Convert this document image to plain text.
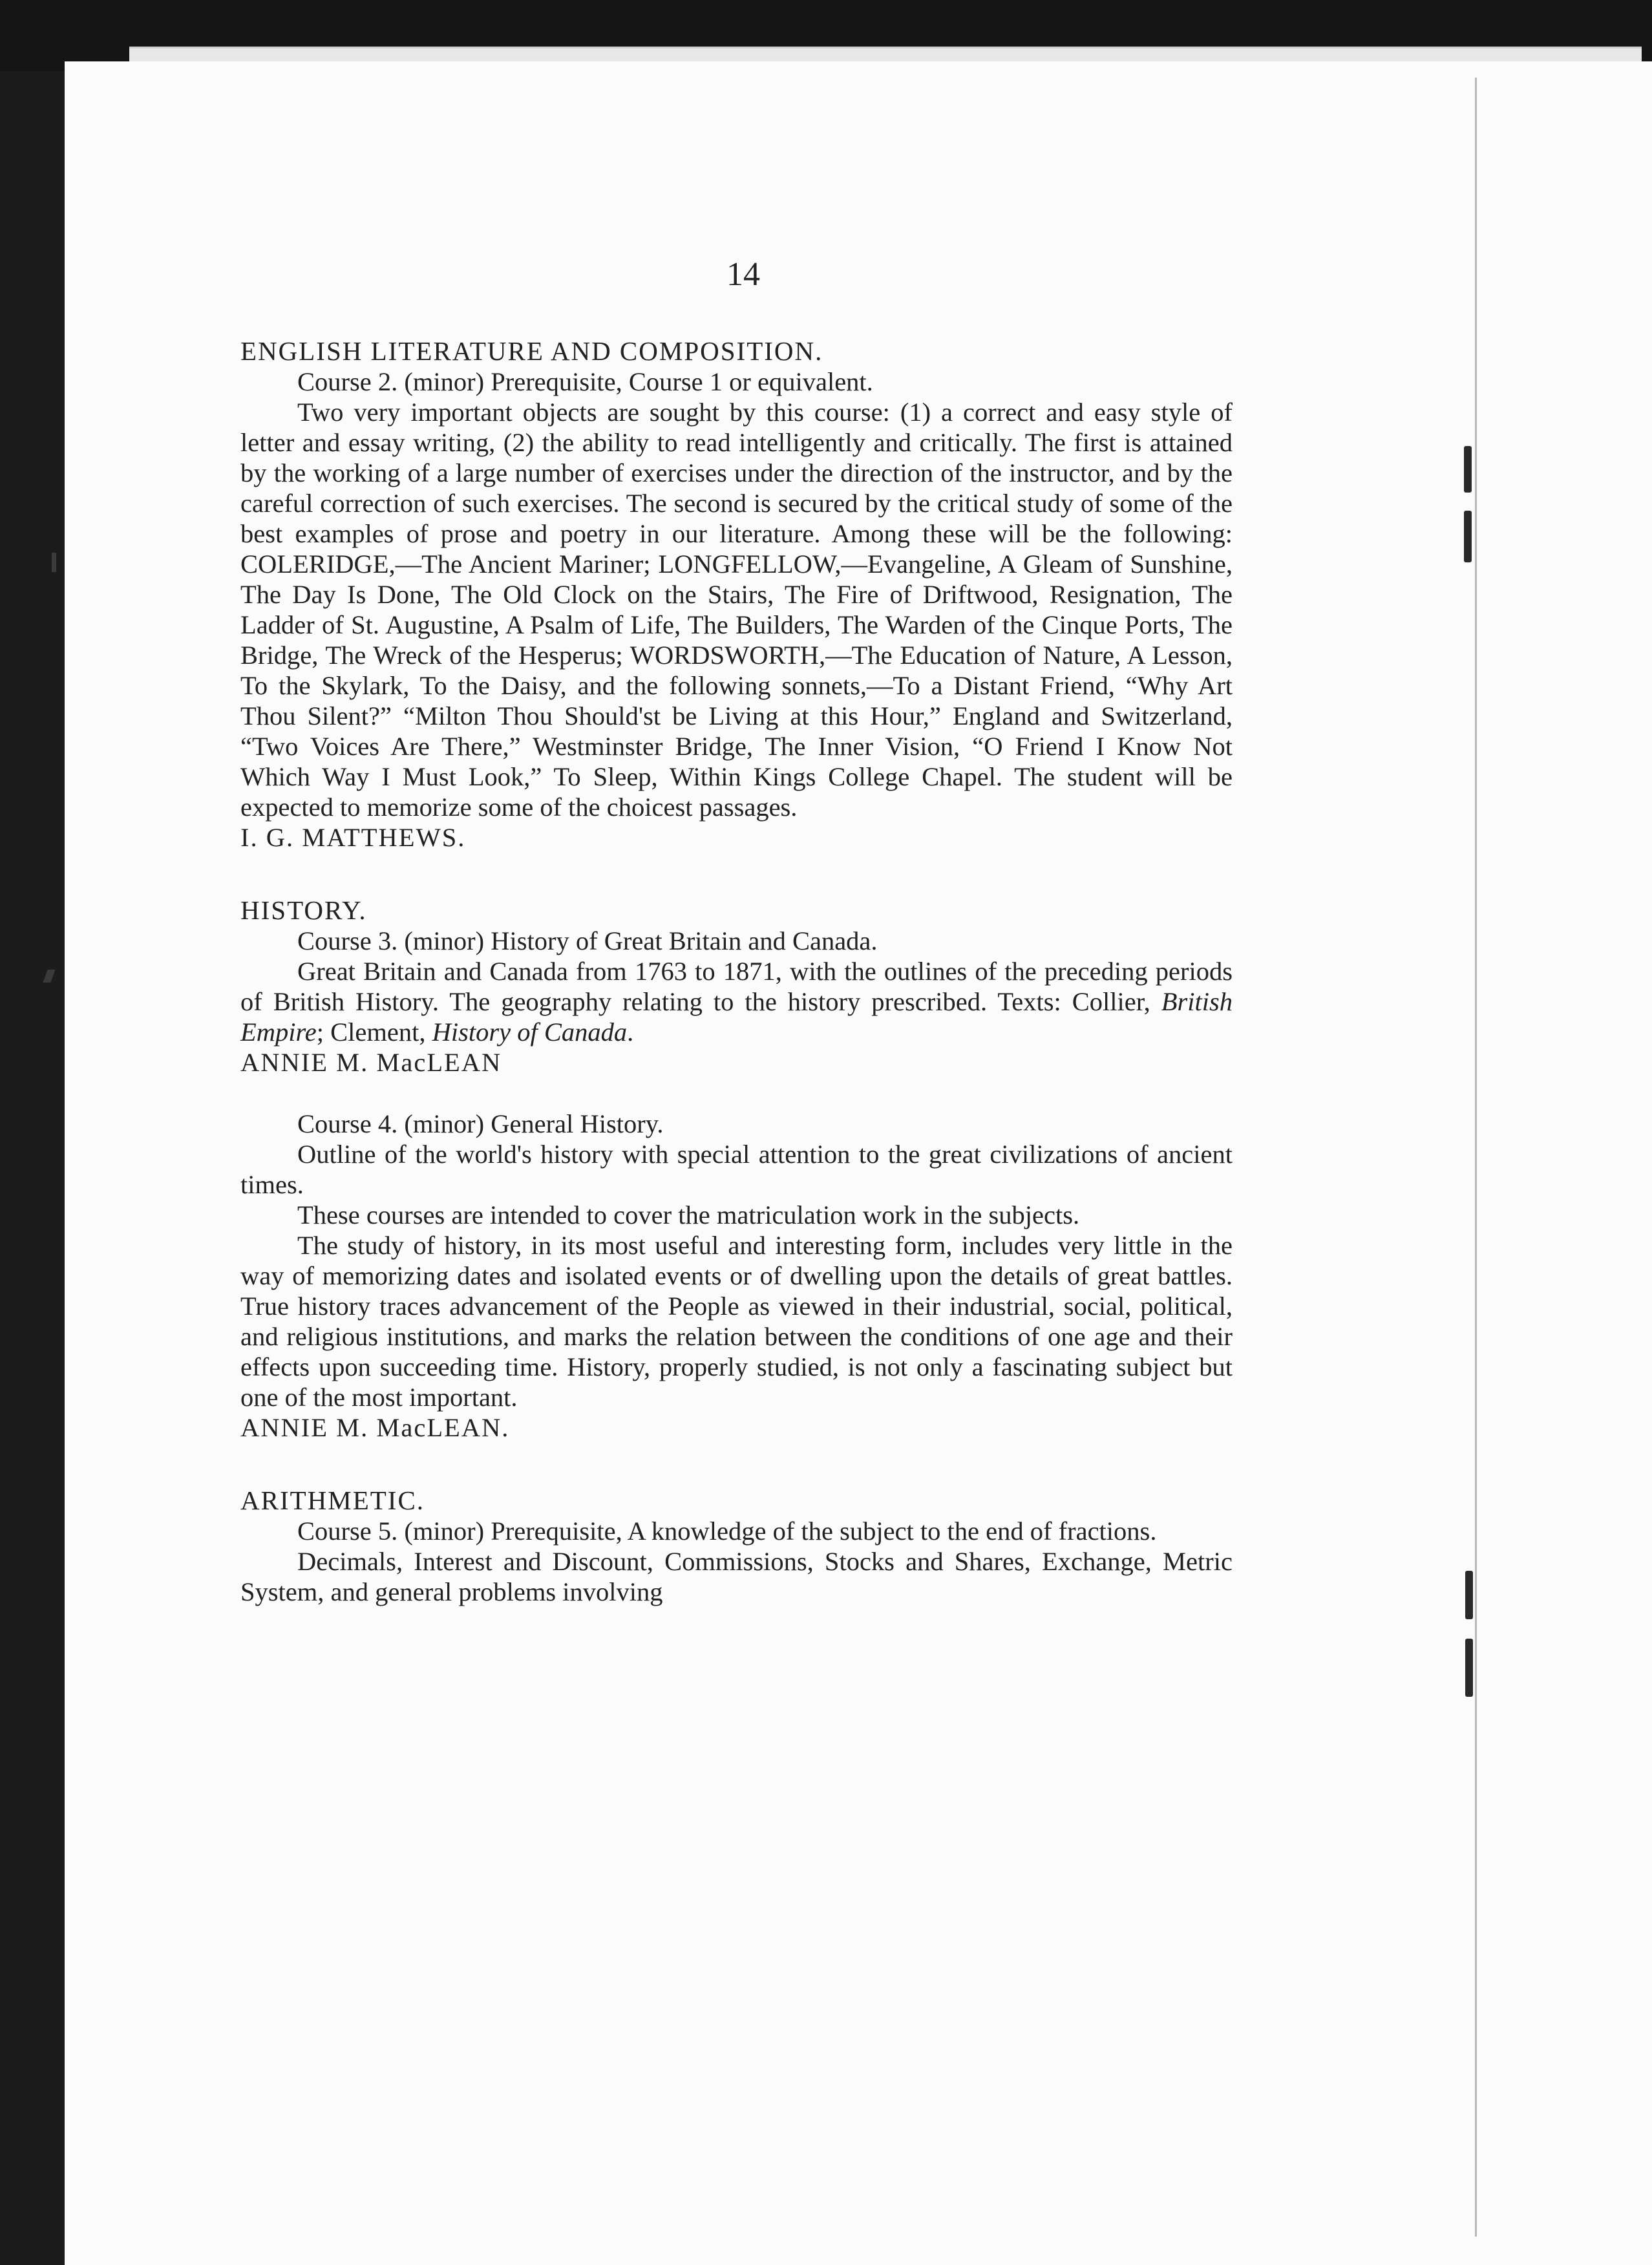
14
ENGLISH LITERATURE AND COMPOSITION.

Course 2. (minor) Prerequisite, Course 1 or equivalent.

Two very important objects are sought by this course: (1) a correct and easy style of letter and essay writing, (2) the ability to read intelligently and critically. The first is attained by the working of a large number of exercises under the direction of the instructor, and by the careful correction of such exercises. The second is secured by the critical study of some of the best examples of prose and poetry in our literature. Among these will be the following: COLERIDGE,—The Ancient Mariner; LONGFELLOW,—Evangeline, A Gleam of Sunshine, The Day Is Done, The Old Clock on the Stairs, The Fire of Driftwood, Resignation, The Ladder of St. Augustine, A Psalm of Life, The Builders, The Warden of the Cinque Ports, The Bridge, The Wreck of the Hesperus; WORDSWORTH,—The Education of Nature, A Lesson, To the Skylark, To the Daisy, and the following sonnets,—To a Distant Friend, “Why Art Thou Silent?” “Milton Thou Should'st be Living at this Hour,” England and Switzerland, “Two Voices Are There,” Westminster Bridge, The Inner Vision, “O Friend I Know Not Which Way I Must Look,” To Sleep, Within Kings College Chapel. The student will be expected to memorize some of the choicest passages.

I. G. MATTHEWS.

HISTORY.

Course 3. (minor) History of Great Britain and Canada.

Great Britain and Canada from 1763 to 1871, with the outlines of the preceding periods of British History. The geography relating to the history prescribed. Texts: Collier, British Empire; Clement, History of Canada.

ANNIE M. MacLEAN

Course 4. (minor) General History.

Outline of the world's history with special attention to the great civilizations of ancient times.

These courses are intended to cover the matriculation work in the subjects.

The study of history, in its most useful and interesting form, includes very little in the way of memorizing dates and isolated events or of dwelling upon the details of great battles. True history traces advancement of the People as viewed in their industrial, social, political, and religious institutions, and marks the relation between the conditions of one age and their effects upon succeeding time. History, properly studied, is not only a fascinating subject but one of the most important.

ANNIE M. MacLEAN.

ARITHMETIC.

Course 5. (minor) Prerequisite, A knowledge of the subject to the end of fractions.

Decimals, Interest and Discount, Commissions, Stocks and Shares, Exchange, Metric System, and general problems involving
